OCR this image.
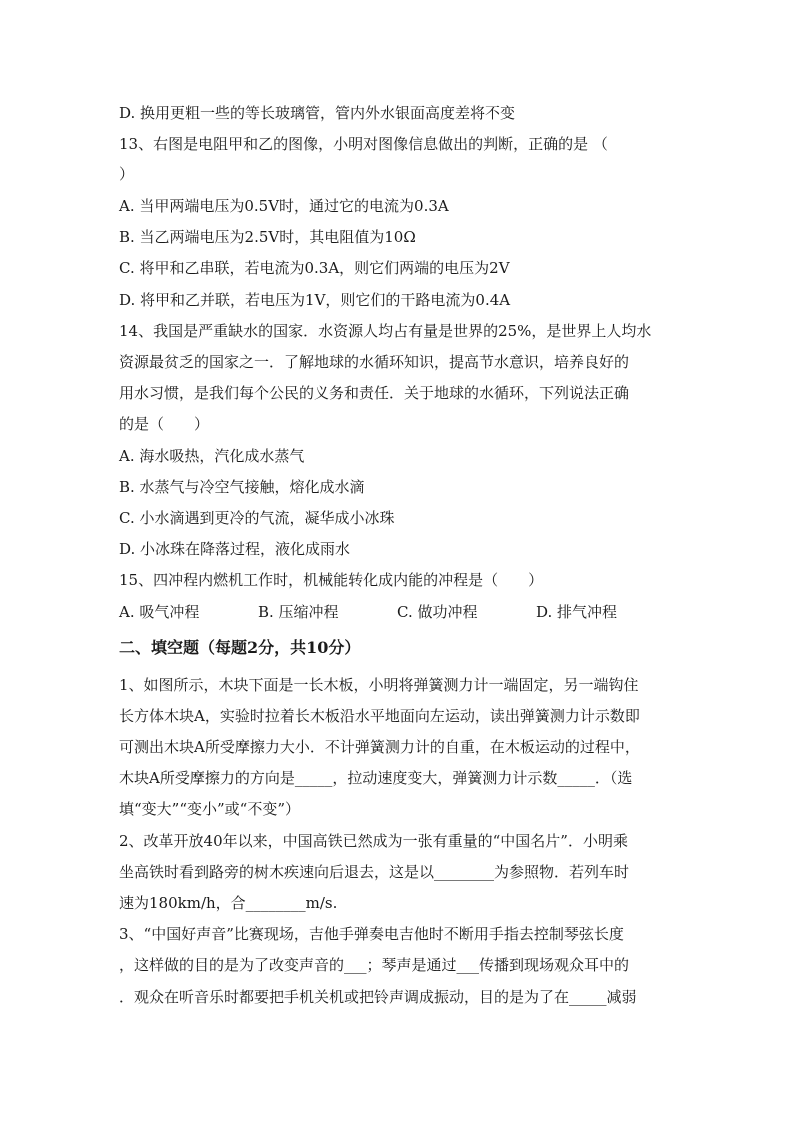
D. 换用更粗一些的等长玻璃管，管内外水银面高度差将不变
13、右图是电阻甲和乙的图像，小明对图像信息做出的判断，正确的是 （
）
A. 当甲两端电压为0.5V时，通过它的电流为0.3A
B. 当乙两端电压为2.5V时，其电阻值为10Ω
C. 将甲和乙串联，若电流为0.3A，则它们两端的电压为2V
D. 将甲和乙并联，若电压为1V，则它们的干路电流为0.4A
14、我国是严重缺水的国家．水资源人均占有量是世界的25%，是世界上人均水
资源最贫乏的国家之一．了解地球的水循环知识，提高节水意识，培养良好的
用水习惯，是我们每个公民的义务和责任．关于地球的水循环，下列说法正确
的是（　　）
A. 海水吸热，汽化成水蒸气
B. 水蒸气与冷空气接触，熔化成水滴
C. 小水滴遇到更冷的气流，凝华成小冰珠
D. 小冰珠在降落过程，液化成雨水
15、四冲程内燃机工作时，机械能转化成内能的冲程是（　　）
A. 吸气冲程	B. 压缩冲程	C. 做功冲程	D. 排气冲程
二、填空题（每题2分，共10分）
1、如图所示，木块下面是一长木板，小明将弹簧测力计一端固定，另一端钩住
长方体木块A，实验时拉着长木板沿水平地面向左运动，读出弹簧测力计示数即
可测出木块A所受摩擦力大小．不计弹簧测力计的自重，在木板运动的过程中，
木块A所受摩擦力的方向是_____，拉动速度变大，弹簧测力计示数_____．（选
填“变大”“变小”或“不变”）
2、改革开放40年以来，中国高铁已然成为一张有重量的“中国名片”．小明乘
坐高铁时看到路旁的树木疾速向后退去，这是以________为参照物．若列车时
速为180km/h，合________m/s.
3、“中国好声音”比赛现场，吉他手弹奏电吉他时不断用手指去控制琴弦长度
，这样做的目的是为了改变声音的___；琴声是通过___传播到现场观众耳中的
．观众在听音乐时都要把手机关机或把铃声调成振动，目的是为了在_____减弱
